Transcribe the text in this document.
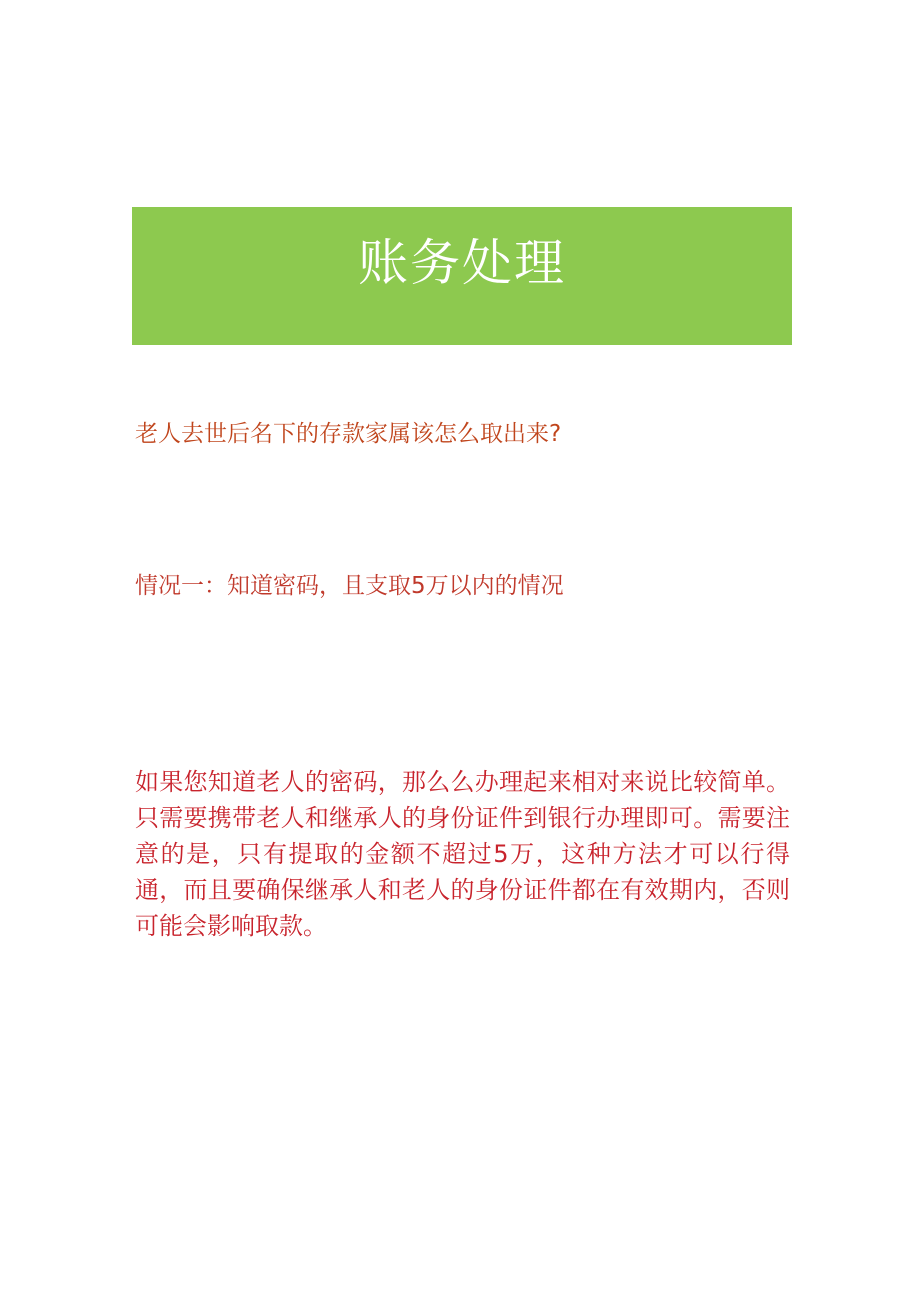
账务处理

老人去世后名下的存款家属该怎么取出来?

情况一：知道密码，且支取5万以内的情况

如果您知道老人的密码，那么么办理起来相对来说比较简单。只需要携带老人和继承人的身份证件到银行办理即可。需要注意的是，只有提取的金额不超过5万，这种方法才可以行得通，而且要确保继承人和老人的身份证件都在有效期内，否则可能会影响取款。
